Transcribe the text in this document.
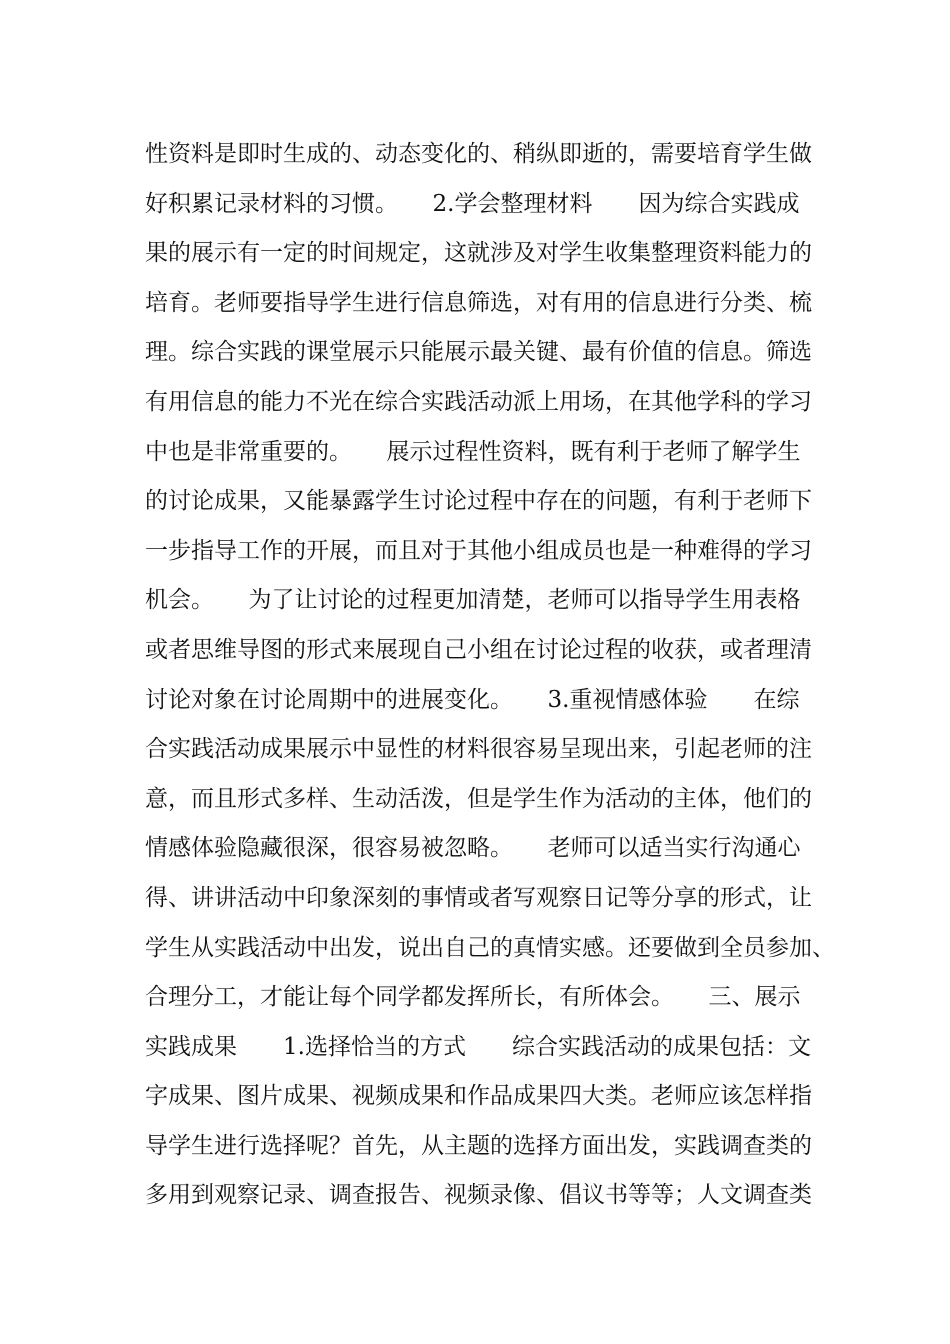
性资料是即时生成的、动态变化的、稍纵即逝的，需要培育学生做
好积累记录材料的习惯。　　2.学会整理材料　　因为综合实践成
果的展示有一定的时间规定，这就涉及对学生收集整理资料能力的
培育。老师要指导学生进行信息筛选，对有用的信息进行分类、梳
理。综合实践的课堂展示只能展示最关键、最有价值的信息。筛选
有用信息的能力不光在综合实践活动派上用场，在其他学科的学习
中也是非常重要的。　　展示过程性资料，既有利于老师了解学生
的讨论成果，又能暴露学生讨论过程中存在的问题，有利于老师下
一步指导工作的开展，而且对于其他小组成员也是一种难得的学习
机会。　　为了让讨论的过程更加清楚，老师可以指导学生用表格
或者思维导图的形式来展现自己小组在讨论过程的收获，或者理清
讨论对象在讨论周期中的进展变化。　　3.重视情感体验　　在综
合实践活动成果展示中显性的材料很容易呈现出来，引起老师的注
意，而且形式多样、生动活泼，但是学生作为活动的主体，他们的
情感体验隐藏很深，很容易被忽略。　　老师可以适当实行沟通心
得、讲讲活动中印象深刻的事情或者写观察日记等分享的形式，让
学生从实践活动中出发，说出自己的真情实感。还要做到全员参加、
合理分工，才能让每个同学都发挥所长，有所体会。　　三、展示
实践成果　　1.选择恰当的方式　　综合实践活动的成果包括：文
字成果、图片成果、视频成果和作品成果四大类。老师应该怎样指
导学生进行选择呢？首先，从主题的选择方面出发，实践调查类的
多用到观察记录、调查报告、视频录像、倡议书等等；人文调查类
